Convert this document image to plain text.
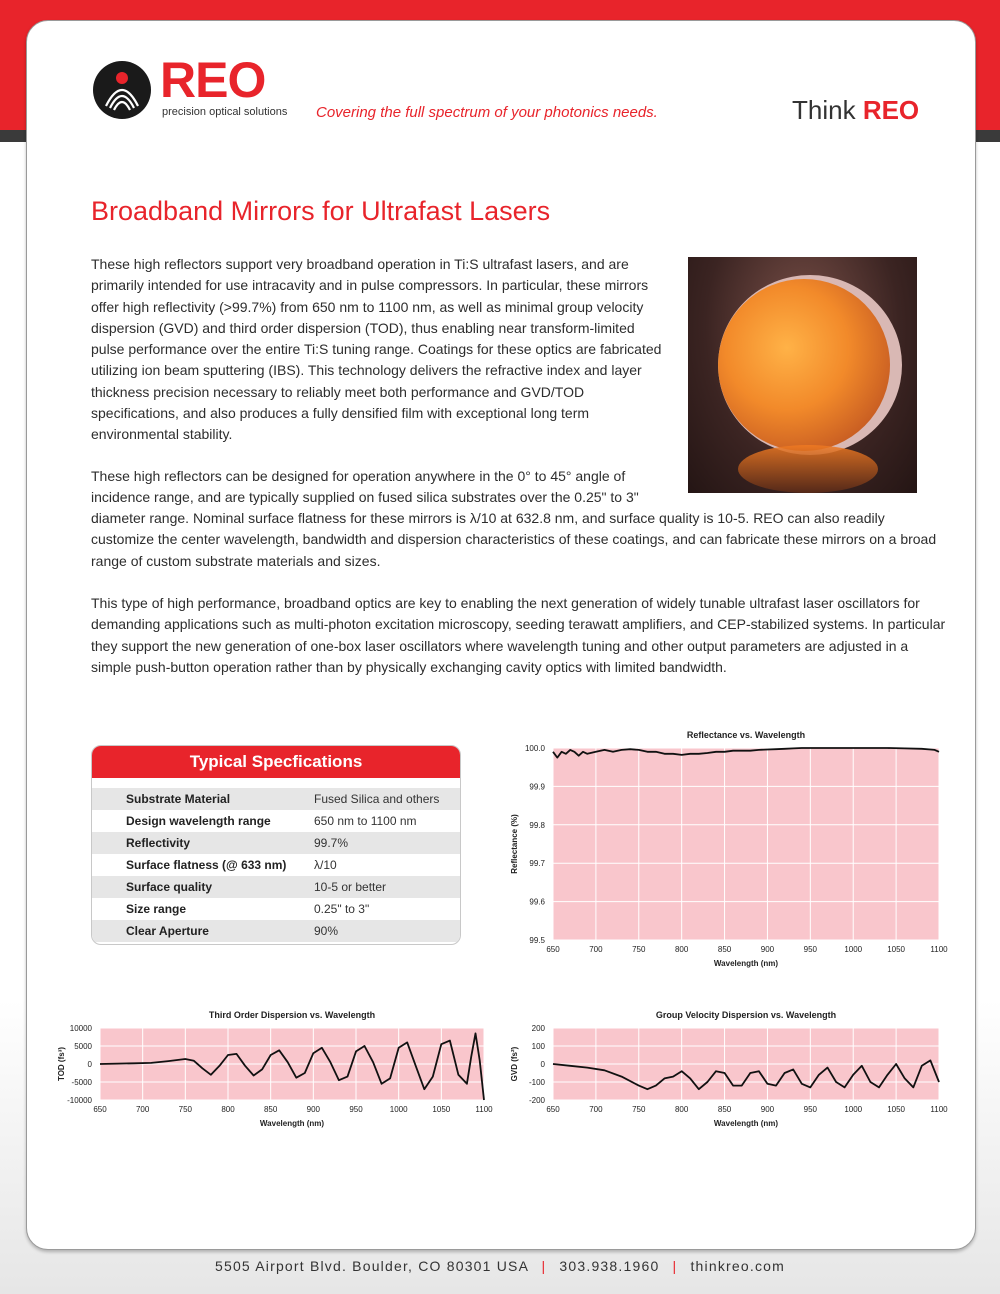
REO
precision optical solutions Covering the full spectrum of your photonics needs.	Think REO
Broadband Mirrors for Ultrafast Lasers

These high reflectors support very broadband operation in Ti:S ultrafast lasers, and are primarily intended for use intracavity and in pulse compressors. In particular, these mirrors offer high reflectivity (>99.7%) from 650 nm to 1100 nm, as well as minimal group velocity dispersion (GVD) and third order dispersion (TOD), thus enabling near transform-limited pulse performance over the entire Ti:S tuning range. Coatings for these optics are fabricated utilizing ion beam sputtering (IBS). This technology delivers the refractive index and layer thickness precision necessary to reliably meet both performance and GVD/TOD specifications, and also produces a fully densified film with exceptional long term environmental stability.

These high reflectors can be designed for operation anywhere in the 0° to 45° angle of incidence range, and are typically supplied on fused silica substrates over the 0.25" to 3"

diameter range. Nominal surface flatness for these mirrors is λ/10 at 632.8 nm, and surface quality is 10-5. REO can also readily customize the center wavelength, bandwidth and dispersion characteristics of these coatings, and can fabricate these mirrors on a broad range of custom substrate materials and sizes.

This type of high performance, broadband optics are key to enabling the next generation of widely tunable ultrafast laser oscillators for demanding applications such as multi-photon excitation microscopy, seeding terawatt amplifiers, and CEP-stabilized systems. In particular they support the new generation of one-box laser oscillators where wavelength tuning and other output parameters are adjusted in a simple push-button operation rather than by physically exchanging cavity optics with limited bandwidth.

Typical Specfications
Substrate Material	Fused Silica and others
Design wavelength range	650 nm to 1100 nm
Reflectivity	99.7%
Surface flatness (@ 633 nm) λ/10
Surface quality	10-5 or better
Size range	0.25" to 3"
Clear Aperture	90%
650	700	750	800	850	900	950	1000	1050	1100
99.5
99.6
99.7
99.8
99.9
100.0
Reflectance vs. Wavelength
Wavelength (nm)
Reflectance (%)
650	700	750	800	850	900	950	1000	1050	1100
-10000
-5000
0
5000
10000
Third Order Dispersion vs. Wavelength
Wavelength (nm)
TOD (fs³)
650	700	750	800	850	900	950	1000	1050	1100
-200
-100
0
100
200
Group Velocity Dispersion vs. Wavelength
Wavelength (nm)
GVD (fs²)
5505 Airport Blvd. Boulder, CO 80301 USA | 303.938.1960 | thinkreo.com
